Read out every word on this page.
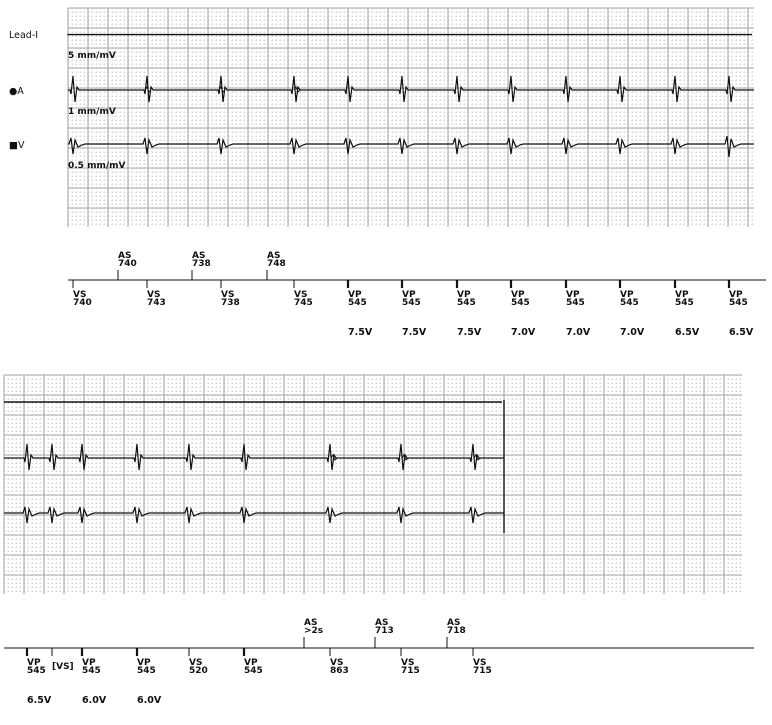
Lead-I
5 mm/mV
●A
1 mm/mV
■V
0.5 mm/mV
AS
740
AS
738
AS
748
VS
740
VS
743
VS
738
VS
745
VP
545
7.5V
VP
545
7.5V
VP
545
7.5V
VP
545
7.0V
VP
545
7.0V
VP
545
7.0V
VP
545
6.5V
VP
545
6.5V
AS
>2s
AS
713
AS
718
VP
545
6.5V
VP
545
6.0V
VP
545
6.0V
VS
520
VP
545
VS
863
VS
715
VS
715
[VS]
